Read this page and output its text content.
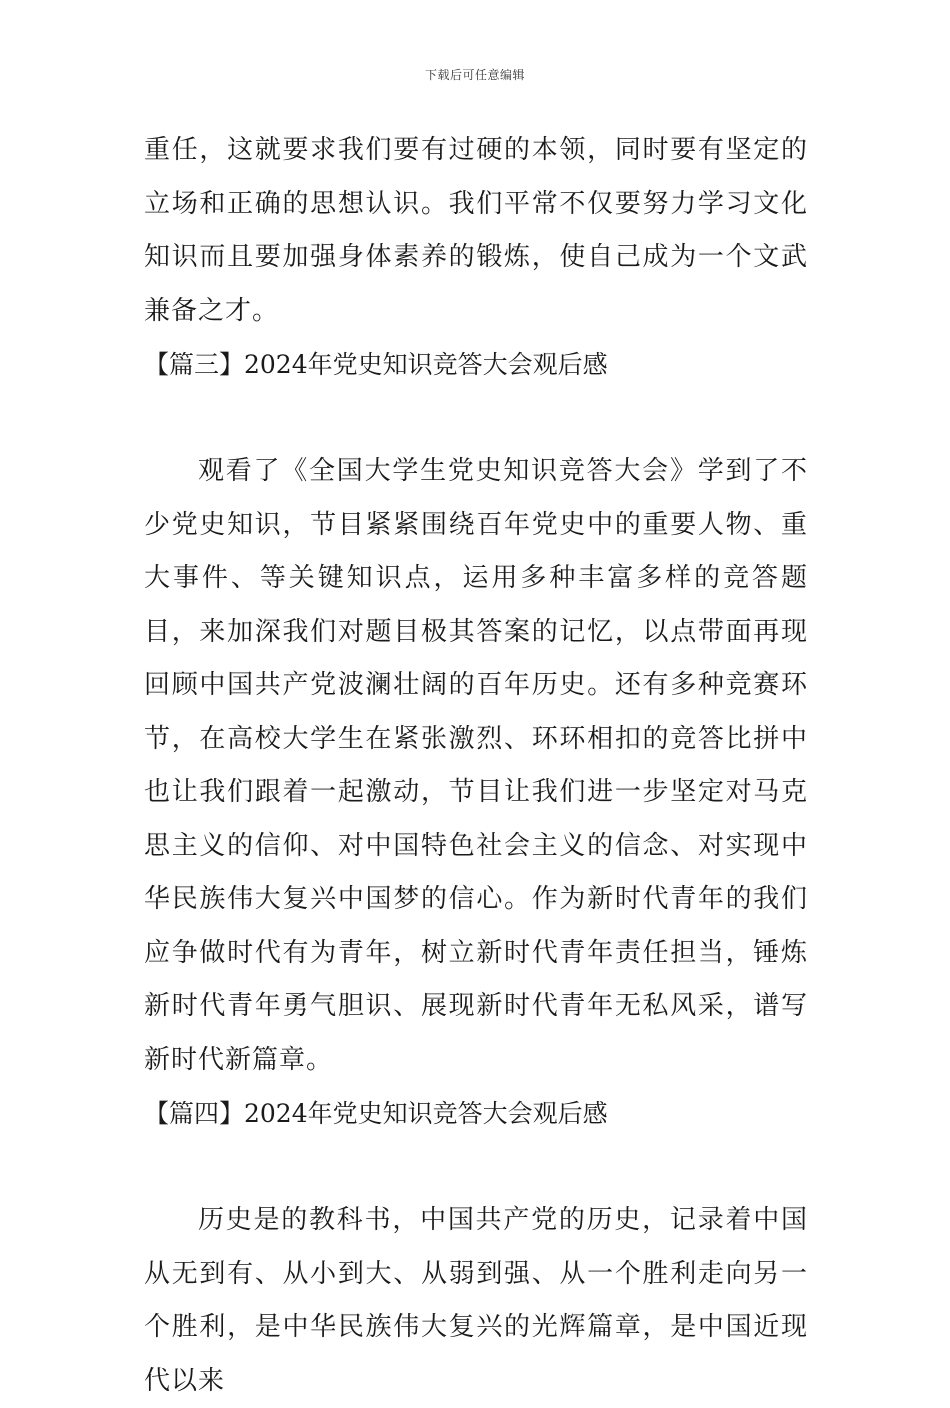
下载后可任意编辑

重任，这就要求我们要有过硬的本领，同时要有坚定的立场和正确的思想认识。我们平常不仅要努力学习文化知识而且要加强身体素养的锻炼，使自己成为一个文武兼备之才。

【篇三】2024年党史知识竞答大会观后感

观看了《全国大学生党史知识竞答大会》学到了不少党史知识，节目紧紧围绕百年党史中的重要人物、重大事件、等关键知识点，运用多种丰富多样的竞答题目，来加深我们对题目极其答案的记忆，以点带面再现回顾中国共产党波澜壮阔的百年历史。还有多种竞赛环节，在高校大学生在紧张激烈、环环相扣的竞答比拼中也让我们跟着一起激动，节目让我们进一步坚定对马克思主义的信仰、对中国特色社会主义的信念、对实现中华民族伟大复兴中国梦的信心。作为新时代青年的我们应争做时代有为青年，树立新时代青年责任担当，锤炼新时代青年勇气胆识、展现新时代青年无私风采，谱写新时代新篇章。

【篇四】2024年党史知识竞答大会观后感

历史是的教科书，中国共产党的历史，记录着中国从无到有、从小到大、从弱到强、从一个胜利走向另一个胜利，是中华民族伟大复兴的光辉篇章，是中国近现代以来
